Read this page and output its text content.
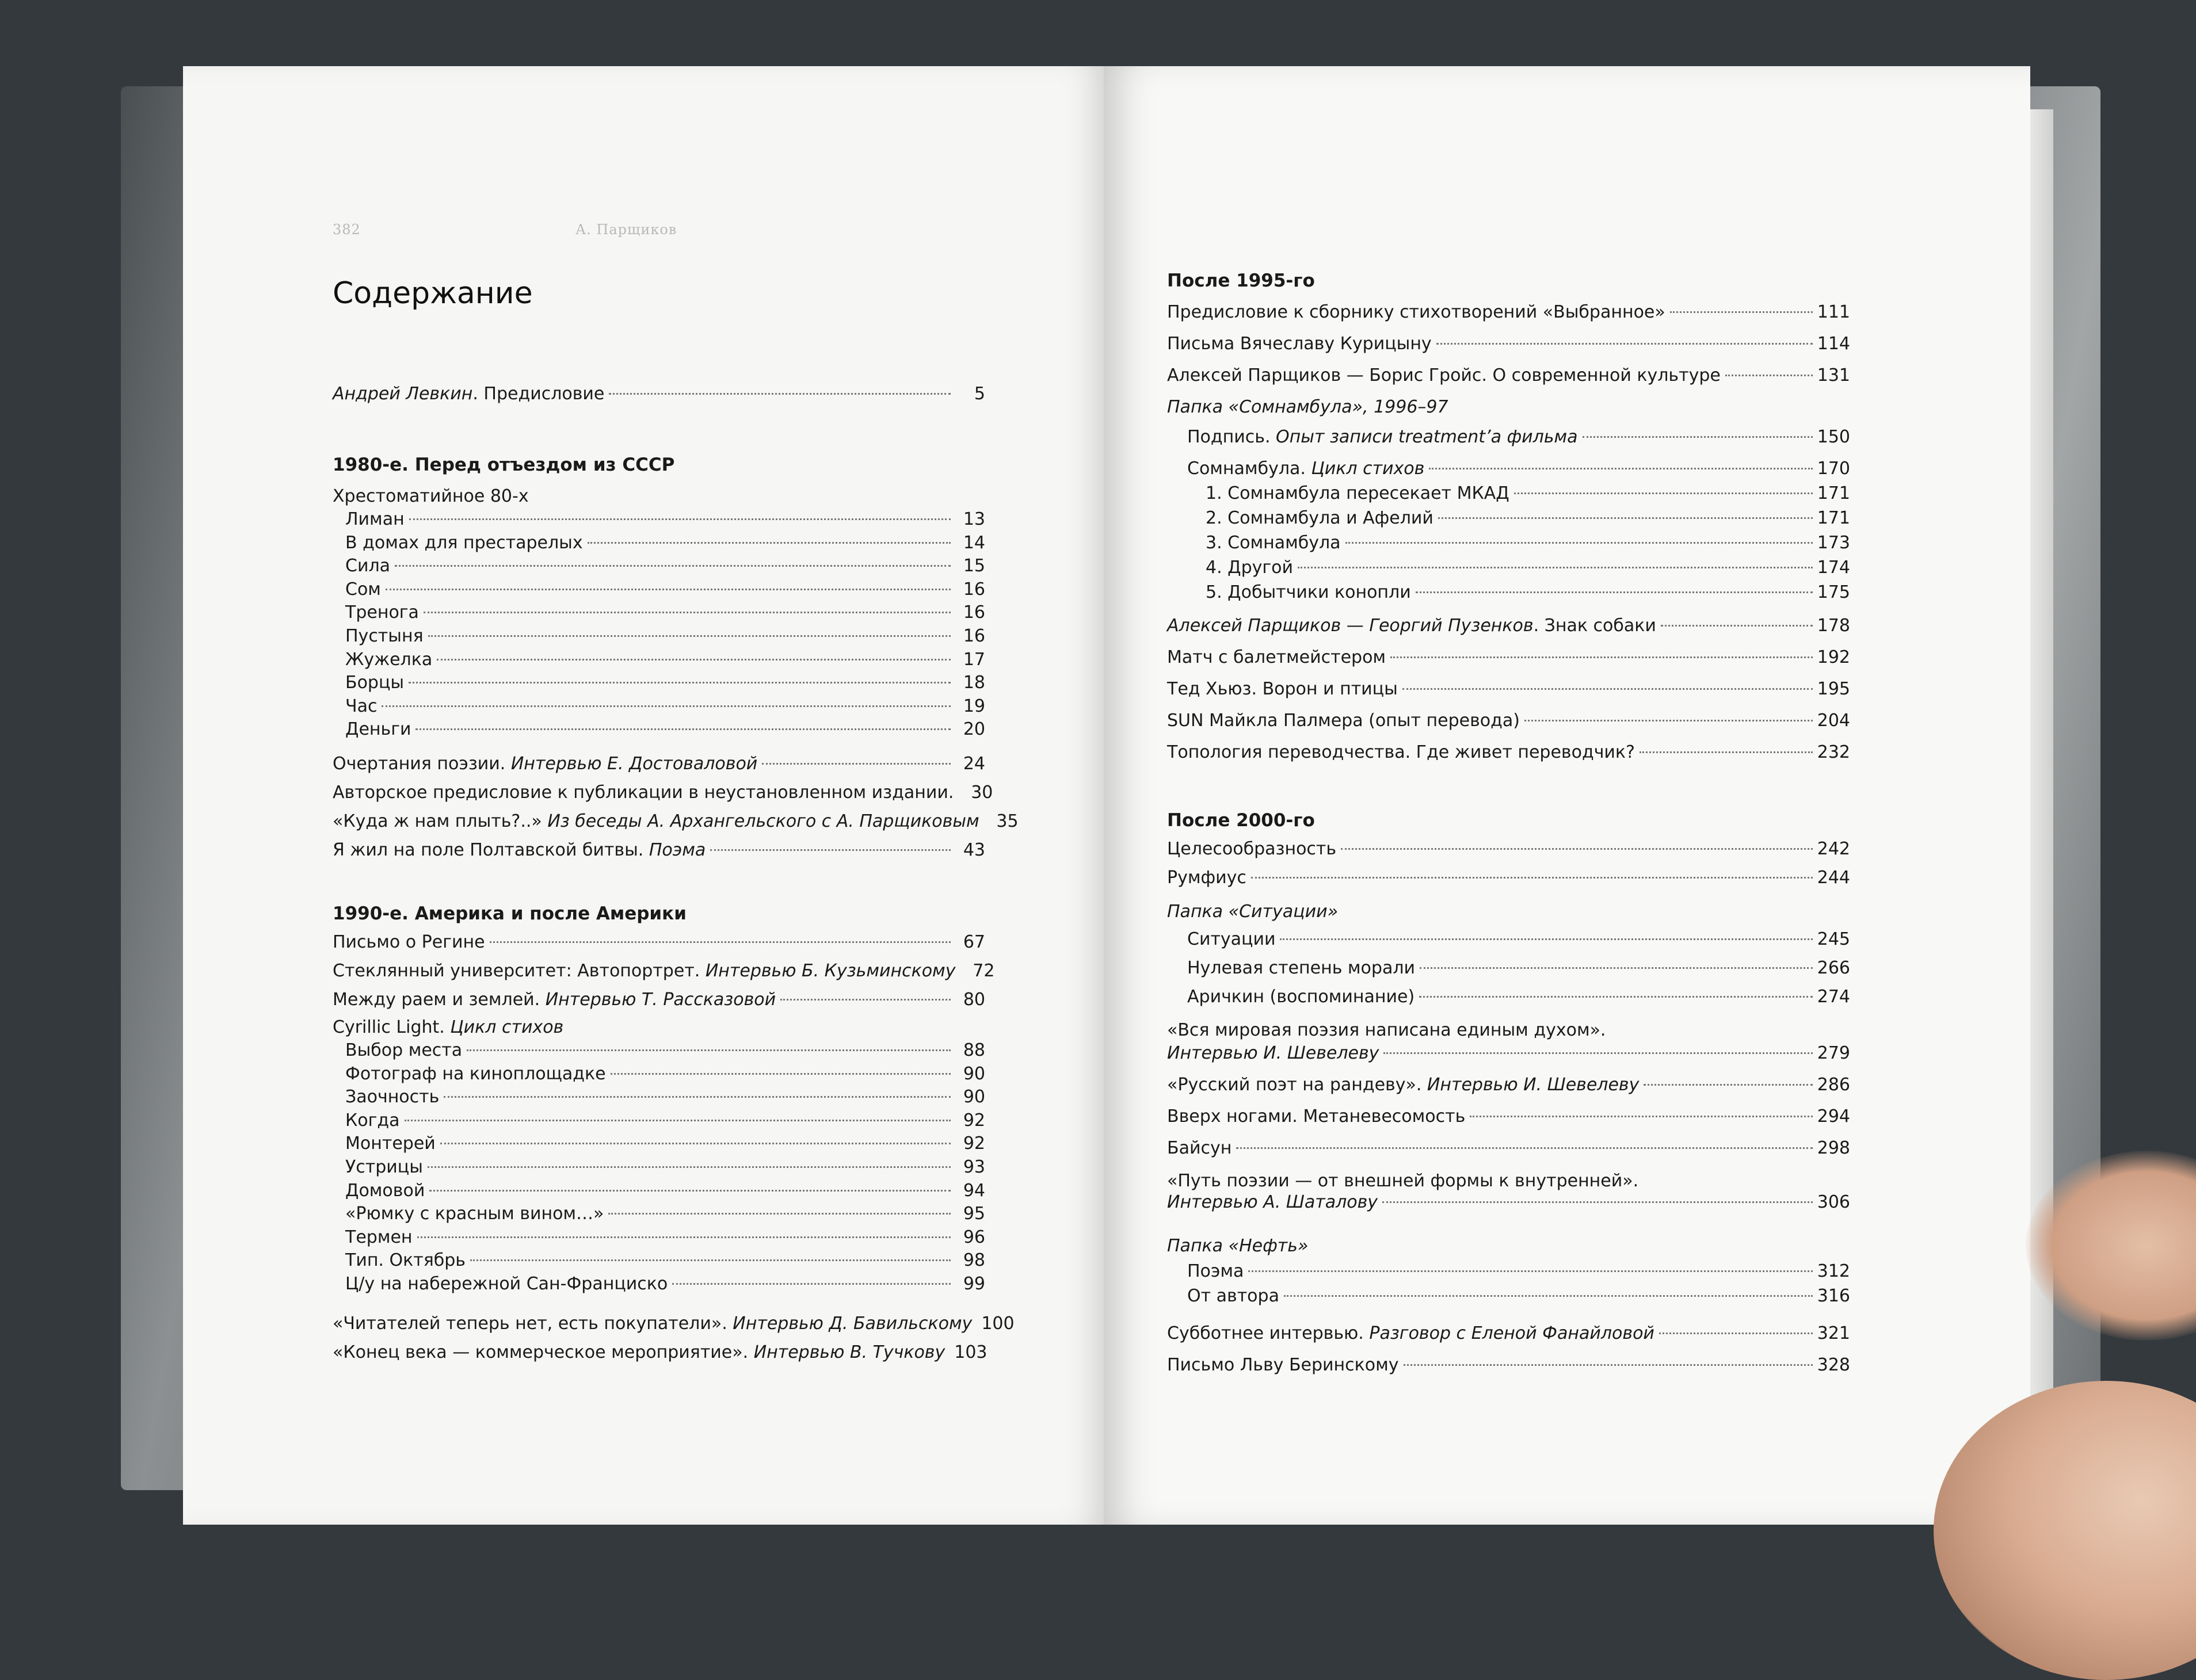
382	А. Парщиков
Содержание
Андрей Левкин. Предисловие	5
1980-е. Перед отъездом из СССР
Хрестоматийное 80-х
Лиман	13
В домах для престарелых	14
Сила	15
Сом	16
Тренога	16
Пустыня	16
Жужелка	17
Борцы	18
Час	19
Деньги	20
Очертания поэзии. Интервью Е. Достоваловой	24
Авторское предисловие к публикации в неустановленном издании. 30
«Куда ж нам плыть?..» Из беседы А. Архангельского с А. Парщиковым 35
Я жил на поле Полтавской битвы. Поэма	43
1990-е. Америка и после Америки
Письмо о Регине	67
Стеклянный университет: Автопортрет. Интервью Б. Кузьминскому 72
Между раем и землей. Интервью Т. Рассказовой	80
Cyrillic Light. Цикл стихов
Выбор места	88
Фотограф на киноплощадке	90
Заочность	90
Когда	92
Монтерей	92
Устрицы	93
Домовой	94
«Рюмку с красным вином…»	95
Термен	96
Тип. Октябрь	98
Ц/у на набережной Сан-Франциско	99
«Читателей теперь нет, есть покупатели». Интервью Д. Бавильскому 100
«Конец века — коммерческое мероприятие». Интервью В. Тучкову 103
После 1995-го
Предисловие к сборнику стихотворений «Выбранное»	111
Письма Вячеславу Курицыну	114
Алексей Парщиков — Борис Гройс. О современной культуре	131
Папка «Сомнамбула», 1996–97
Подпись. Опыт записи treatment’a фильма	150
Сомнамбула. Цикл стихов	170
1. Сомнамбула пересекает МКАД	171
2. Сомнамбула и Афелий	171
3. Сомнамбула	173
4. Другой	174
5. Добытчики конопли	175
Алексей Парщиков — Георгий Пузенков. Знак собаки	178
Матч с балетмейстером	192
Тед Хьюз. Ворон и птицы	195
SUN Майкла Палмера (опыт перевода)	204
Топология переводчества. Где живет переводчик?	232
После 2000-го
Целесообразность	242
Румфиус	244
Папка «Ситуации»
Ситуации	245
Нулевая степень морали	266
Аричкин (воспоминание)	274
«Вся мировая поэзия написана единым духом».
Интервью И. Шевелеву	279
«Русский поэт на рандеву». Интервью И. Шевелеву	286
Вверх ногами. Метаневесомость	294
Байсун	298
«Путь поэзии — от внешней формы к внутренней».
Интервью А. Шаталову	306
Папка «Нефть»
Поэма	312
От автора	316
Субботнее интервью. Разговор с Еленой Фанайловой	321
Письмо Льву Беринскому	328
